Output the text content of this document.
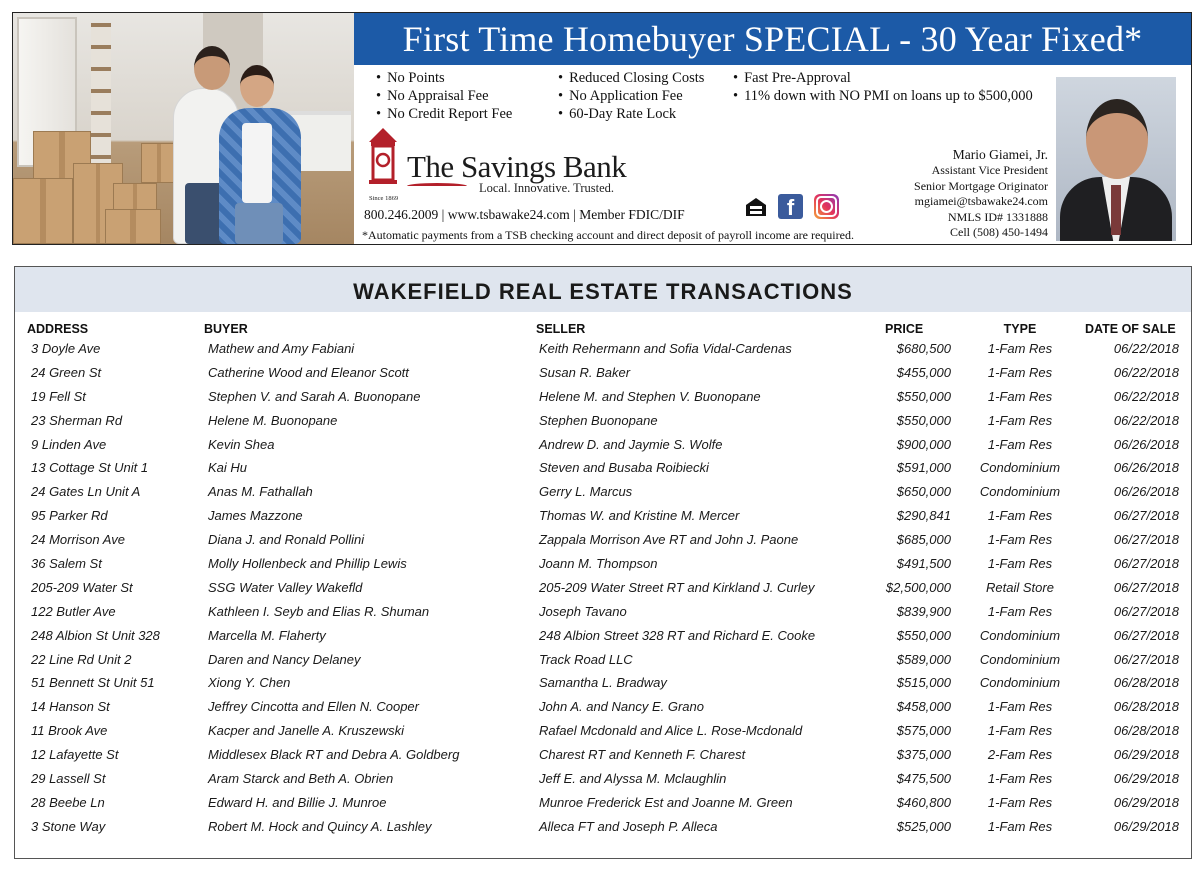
First Time Homebuyer SPECIAL - 30 Year Fixed*
• No Points
• No Appraisal Fee
• No Credit Report Fee
• Reduced Closing Costs
• No Application Fee
• 60-Day Rate Lock
• Fast Pre-Approval
• 11% down with NO PMI on loans up to $500,000
Since 1869
The Savings Bank
Local. Innovative. Trusted.
800.246.2009 | www.tsbawake24.com | Member FDIC/DIF
*Automatic payments from a TSB checking account and direct deposit of payroll income are required.
f
Mario Giamei, Jr.
Assistant Vice President
Senior Mortgage Originator
mgiamei@tsbawake24.com
NMLS ID# 1331888
Cell (508) 450-1494
WAKEFIELD REAL ESTATE TRANSACTIONS
ADDRESS	BUYER	SELLER	PRICE	TYPE	DATE OF SALE
3 Doyle Ave	Mathew and Amy Fabiani	Keith Rehermann and Sofia Vidal-Cardenas	$680,500	1-Fam Res	06/22/2018
24 Green St	Catherine Wood and Eleanor Scott	Susan R. Baker	$455,000	1-Fam Res	06/22/2018
19 Fell St	Stephen V. and Sarah A. Buonopane	Helene M. and Stephen V. Buonopane	$550,000	1-Fam Res	06/22/2018
23 Sherman Rd	Helene M. Buonopane	Stephen Buonopane	$550,000	1-Fam Res	06/22/2018
9 Linden Ave	Kevin Shea	Andrew D. and Jaymie S. Wolfe	$900,000	1-Fam Res	06/26/2018
13 Cottage St Unit 1	Kai Hu	Steven and Busaba Roibiecki	$591,000	Condominium	06/26/2018
24 Gates Ln Unit A	Anas M. Fathallah	Gerry L. Marcus	$650,000	Condominium	06/26/2018
95 Parker Rd	James Mazzone	Thomas W. and Kristine M. Mercer	$290,841	1-Fam Res	06/27/2018
24 Morrison Ave	Diana J. and Ronald Pollini	Zappala Morrison Ave RT and John J. Paone	$685,000	1-Fam Res	06/27/2018
36 Salem St	Molly Hollenbeck and Phillip Lewis	Joann M. Thompson	$491,500	1-Fam Res	06/27/2018
205-209 Water St	SSG Water Valley Wakefld	205-209 Water Street RT and Kirkland J. Curley	$2,500,000	Retail Store	06/27/2018
122 Butler Ave	Kathleen I. Seyb and Elias R. Shuman	Joseph Tavano	$839,900	1-Fam Res	06/27/2018
248 Albion St Unit 328	Marcella M. Flaherty	248 Albion Street 328 RT and Richard E. Cooke	$550,000	Condominium	06/27/2018
22 Line Rd Unit 2	Daren and Nancy Delaney	Track Road LLC	$589,000	Condominium	06/27/2018
51 Bennett St Unit 51	Xiong Y. Chen	Samantha L. Bradway	$515,000	Condominium	06/28/2018
14 Hanson St	Jeffrey Cincotta and Ellen N. Cooper	John A. and Nancy E. Grano	$458,000	1-Fam Res	06/28/2018
11 Brook Ave	Kacper and Janelle A. Kruszewski	Rafael Mcdonald and Alice L. Rose-Mcdonald	$575,000	1-Fam Res	06/28/2018
12 Lafayette St	Middlesex Black RT and Debra A. Goldberg	Charest RT and Kenneth F. Charest	$375,000	2-Fam Res	06/29/2018
29 Lassell St	Aram Starck and Beth A. Obrien	Jeff E. and Alyssa M. Mclaughlin	$475,500	1-Fam Res	06/29/2018
28 Beebe Ln	Edward H. and Billie J. Munroe	Munroe Frederick Est and Joanne M. Green	$460,800	1-Fam Res	06/29/2018
3 Stone Way	Robert M. Hock and Quincy A. Lashley	Alleca FT and Joseph P. Alleca	$525,000	1-Fam Res	06/29/2018
